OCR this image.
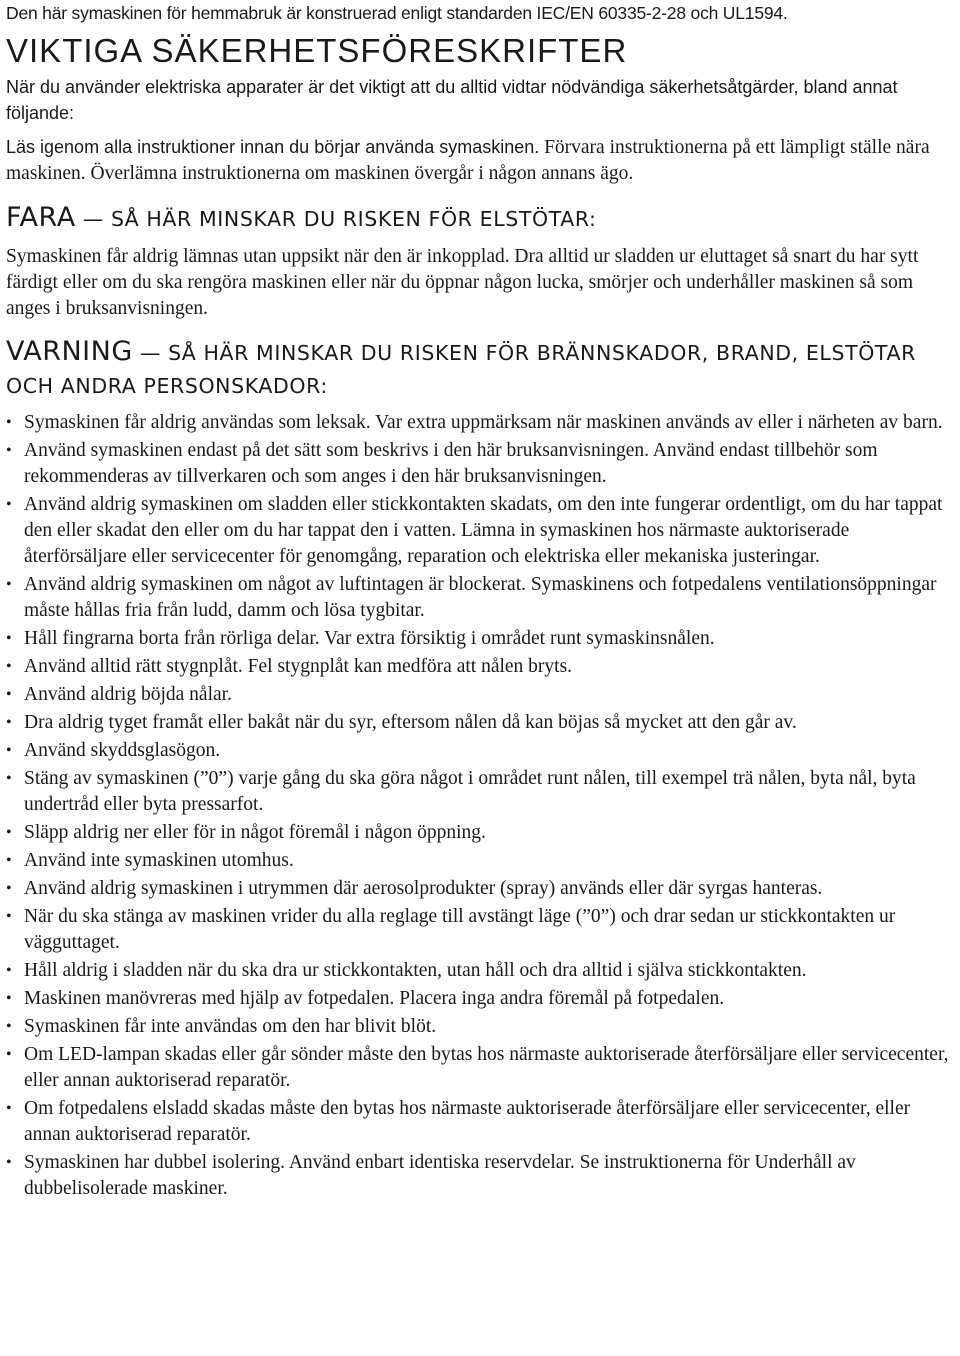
Den här symaskinen för hemmabruk är konstruerad enligt standarden IEC/EN 60335-2-28 och UL1594.

VIKTIGA SÄKERHETSFÖRESKRIFTER

När du använder elektriska apparater är det viktigt att du alltid vidtar nödvändiga säkerhetsåtgärder, bland annat följande:

Läs igenom alla instruktioner innan du börjar använda symaskinen. Förvara instruktionerna på ett lämpligt ställe nära maskinen. Överlämna instruktionerna om maskinen övergår i någon annans ägo.

FARA — SÅ HÄR MINSKAR DU RISKEN FÖR ELSTÖTAR:

Symaskinen får aldrig lämnas utan uppsikt när den är inkopplad. Dra alltid ur sladden ur eluttaget så snart du har sytt färdigt eller om du ska rengöra maskinen eller när du öppnar någon lucka, smörjer och underhåller maskinen så som anges i bruksanvisningen.

VARNING — SÅ HÄR MINSKAR DU RISKEN FÖR BRÄNNSKADOR, BRAND, ELSTÖTAR OCH ANDRA PERSONSKADOR:
• Symaskinen får aldrig användas som leksak. Var extra uppmärksam när maskinen används av eller i närheten av barn.
• Använd symaskinen endast på det sätt som beskrivs i den här bruksanvisningen. Använd endast tillbehör som rekommenderas av tillverkaren och som anges i den här bruksanvisningen.
• Använd aldrig symaskinen om sladden eller stickkontakten skadats, om den inte fungerar ordentligt, om du har tappat den eller skadat den eller om du har tappat den i vatten. Lämna in symaskinen hos närmaste auktoriserade återförsäljare eller servicecenter för genomgång, reparation och elektriska eller mekaniska justeringar.
• Använd aldrig symaskinen om något av luftintagen är blockerat. Symaskinens och fotpedalens ventilationsöppningar måste hållas fria från ludd, damm och lösa tygbitar.
• Håll fingrarna borta från rörliga delar. Var extra försiktig i området runt symaskinsnålen.
• Använd alltid rätt stygnplåt. Fel stygnplåt kan medföra att nålen bryts.
• Använd aldrig böjda nålar.
• Dra aldrig tyget framåt eller bakåt när du syr, eftersom nålen då kan böjas så mycket att den går av.
• Använd skyddsglasögon.
• Stäng av symaskinen (”0”) varje gång du ska göra något i området runt nålen, till exempel trä nålen, byta nål, byta undertråd eller byta pressarfot.
• Släpp aldrig ner eller för in något föremål i någon öppning.
• Använd inte symaskinen utomhus.
• Använd aldrig symaskinen i utrymmen där aerosolprodukter (spray) används eller där syrgas hanteras.
• När du ska stänga av maskinen vrider du alla reglage till avstängt läge (”0”) och drar sedan ur stickkontakten ur vägguttaget.
• Håll aldrig i sladden när du ska dra ur stickkontakten, utan håll och dra alltid i själva stickkontakten.
• Maskinen manövreras med hjälp av fotpedalen. Placera inga andra föremål på fotpedalen.
• Symaskinen får inte användas om den har blivit blöt.
• Om LED-lampan skadas eller går sönder måste den bytas hos närmaste auktoriserade återförsäljare eller servicecenter, eller annan auktoriserad reparatör.
• Om fotpedalens elsladd skadas måste den bytas hos närmaste auktoriserade återförsäljare eller servicecenter, eller annan auktoriserad reparatör.
• Symaskinen har dubbel isolering. Använd enbart identiska reservdelar. Se instruktionerna för Underhåll av dubbelisolerade maskiner.
